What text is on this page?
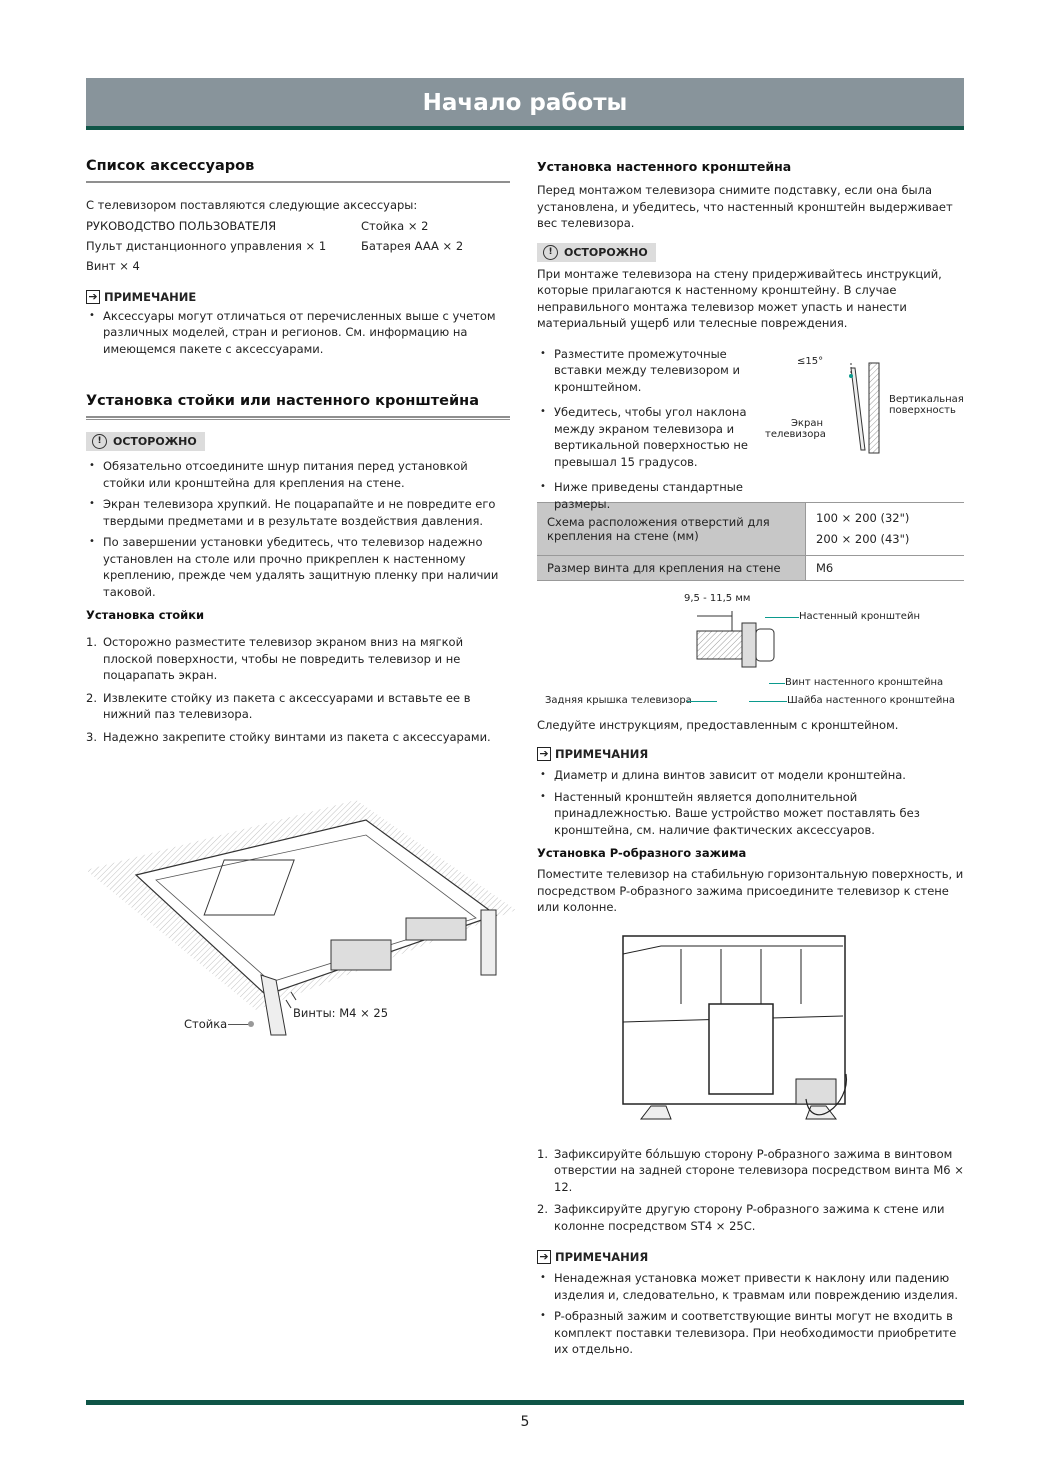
Начало работы
Список аксессуаров

С телевизором поставляются следующие аксессуары:

РУКОВОДСТВО ПОЛЬЗОВАТЕЛЯ	Стойка × 2
Пульт дистанционного управления × 1	Батарея AAA × 2
Винт × 4
➔ ПРИМЕЧАНИЕ
• Аксессуары могут отличаться от перечисленных выше с учетом различных моделей, стран и регионов. См. информацию на имеющемся пакете с аксессуарами.
Установка стойки или настенного кронштейна
!	ОСТОРОЖНО
• Обязательно отсоедините шнур питания перед установкой стойки или кронштейна для крепления на стене.
• Экран телевизора хрупкий. Не поцарапайте и не повредите его твердыми предметами и в результате воздействия давления.
• По завершении установки убедитесь, что телевизор надежно установлен на столе или прочно прикреплен к настенному креплению, прежде чем удалять защитную пленку при наличии таковой.
Установка стойки
1. Осторожно разместите телевизор экраном вниз на мягкой плоской поверхности, чтобы не повредить телевизор и не поцарапать экран.
2. Извлеките стойку из пакета с аксессуарами и вставьте ее в нижний паз телевизора.
3. Надежно закрепите стойку винтами из пакета с аксессуарами.
Стойка
Винты: M4 × 25
Установка настенного кронштейна

Перед монтажом телевизора снимите подставку, если она была установлена, и убедитесь, что настенный кронштейн выдерживает вес телевизора.

!	ОСТОРОЖНО

При монтаже телевизора на стену придерживайтесь инструкций, которые прилагаются к настенному кронштейну. В случае неправильного монтажа телевизор может упасть и нанести материальный ущерб или телесные повреждения.

• Разместите промежуточные вставки между телевизором и кронштейном.
• Убедитесь, чтобы угол наклона между экраном телевизора и вертикальной поверхностью не превышал 15 градусов.
• Ниже приведены стандартные размеры.
≤15°
Вертикальная
поверхность
Экран
телевизора
Схема расположения отверстий для крепления на стене (мм)	100 × 200 (32")
200 × 200 (43")

Размер винта для крепления на стене	M6
9,5 - 11,5 мм
Настенный кронштейн
Винт настенного кронштейна
Задняя крышка телевизора	Шайба настенного кронштейна

Следуйте инструкциям, предоставленным с кронштейном.

➔ ПРИМЕЧАНИЯ
• Диаметр и длина винтов зависит от модели кронштейна.
• Настенный кронштейн является дополнительной принадлежностью. Ваше устройство может поставлять без кронштейна, см. наличие фактических аксессуаров.
Установка P-образного зажима

Поместите телевизор на стабильную горизонтальную поверхность, и посредством P-образного зажима присоедините телевизор к стене или колонне.

1. Зафиксируйте бóльшую сторону P-образного зажима в винтовом отверстии на задней стороне телевизора посредством винта M6 × 12.
2. Зафиксируйте другую сторону P-образного зажима к стене или колонне посредством ST4 × 25C.
➔ ПРИМЕЧАНИЯ
• Ненадежная установка может привести к наклону или падению изделия и, следовательно, к травмам или повреждению изделия.
• P-образный зажим и соответствующие винты могут не входить в комплект поставки телевизора. При необходимости приобретите их отдельно.
5
